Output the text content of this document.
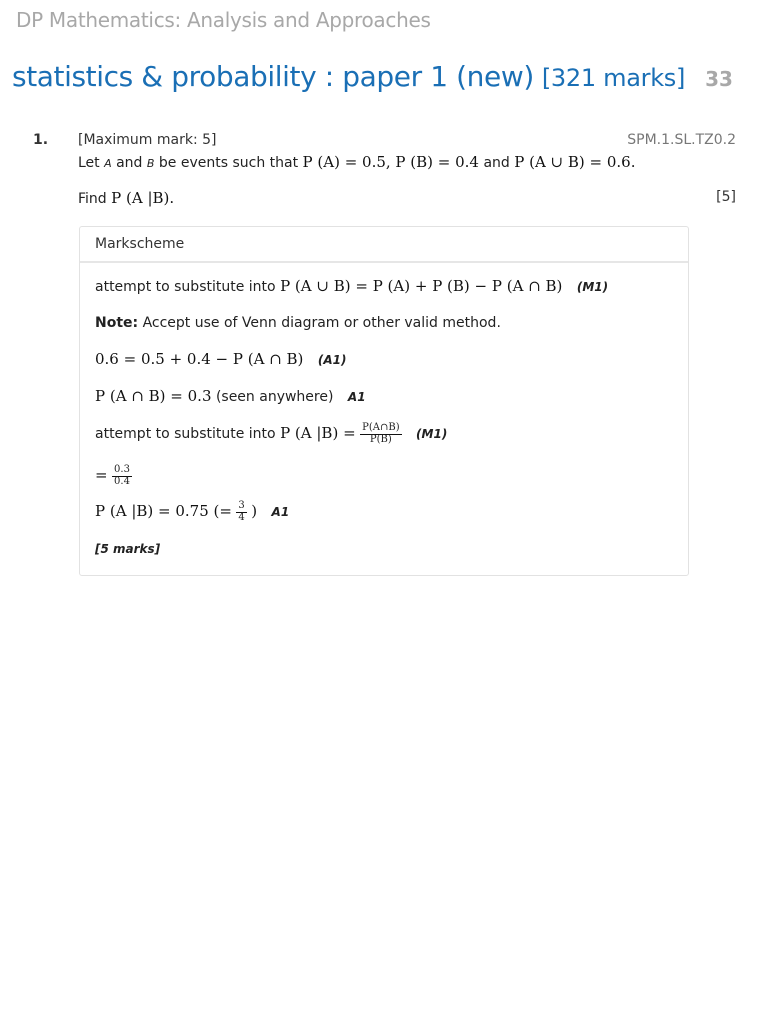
DP Mathematics: Analysis and Approaches
statistics & probability : paper 1 (new) [321 marks] 33
1. [Maximum mark: 5]	SPM.1.SL.TZ0.2
Let A and B be events such that P (A) = 0.5, P (B) = 0.4 and P (A ∪ B) = 0.6.
Find P (A |B).	[5]
Markscheme
attempt to substitute into P (A ∪ B) = P (A) + P (B) − P (A ∩ B) (M1)
Note: Accept use of Venn diagram or other valid method.
0.6 = 0.5 + 0.4 − P (A ∩ B) (A1)
P (A ∩ B) = 0.3 (seen anywhere) A1
attempt to substitute into P (A $|B) = \frac{P(A\cap B)}{P(B)} (M1)$
= $\frac{0.3}{0.4}$
P (A |B) = 0.75 (= $\frac{3}{4}$ ) A1
[5 marks]
